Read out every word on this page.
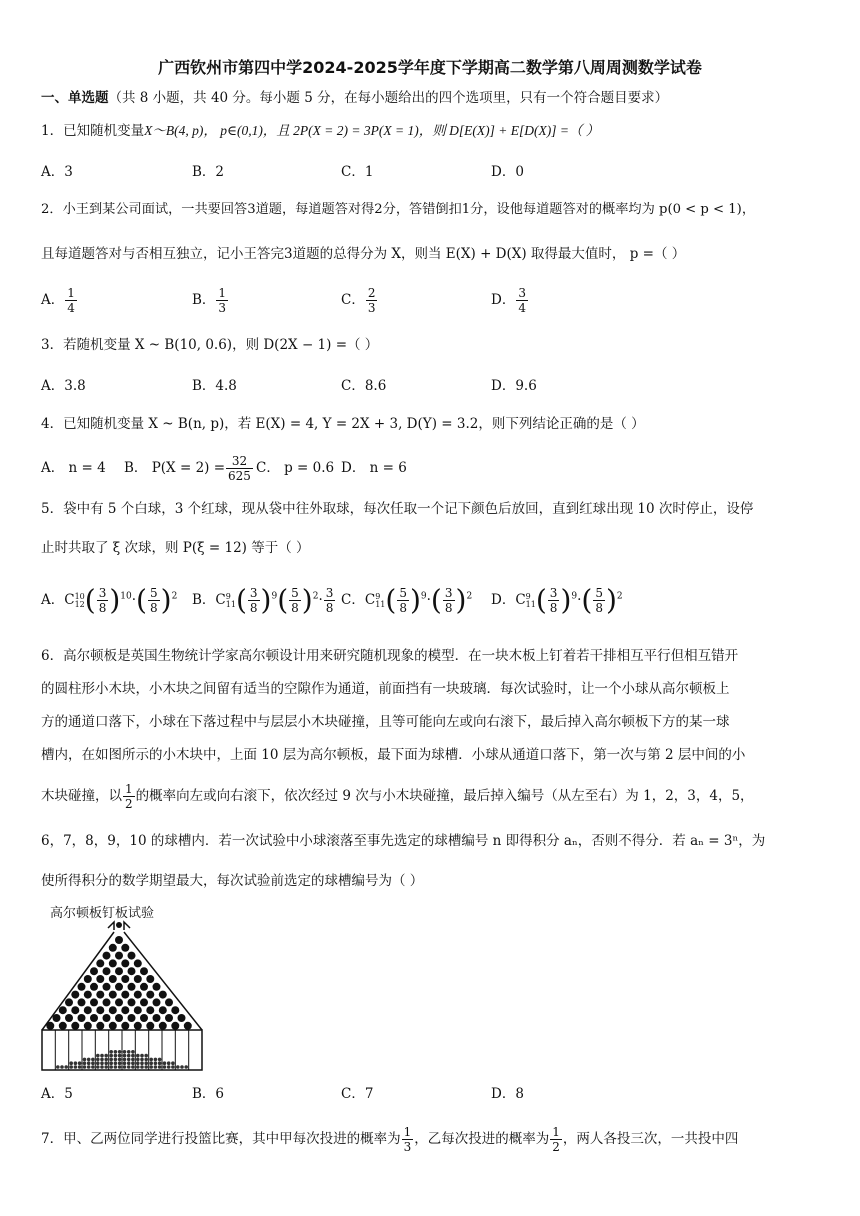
广西钦州市第四中学2024-2025学年度下学期高二数学第八周周测数学试卷
一、单选题（共 8 小题，共 40 分。每小题 5 分，在每小题给出的四个选项里，只有一个符合题目要求）
1．已知随机变量X～B(4, p)， p∈(0,1)，且 2P(X = 2) = 3P(X = 1)，则 D[E(X)] + E[D(X)] =（ ）
A．3	B．2	C．1	D．0
2．小王到某公司面试，一共要回答3道题，每道题答对得2分，答错倒扣1分，设他每道题答对的概率均为 p(0 < p < 1)，
且每道题答对与否相互独立，记小王答完3道题的总得分为 X，则当 E(X) + D(X) 取得最大值时， p =（ ）
A． $\frac{1}{4}$	B． $\frac{1}{3}$	C． $\frac{2}{3}$	D． $\frac{3}{4}$
3．若随机变量 X ~ B(10, 0.6)，则 D(2X − 1) =（ ）
A．3.8	B．4.8	C．8.6	D．9.6
4．已知随机变量 X ~ B(n, p)，若 E(X) = 4, Y = 2X + 3, D(Y) = 3.2，则下列结论正确的是（ ）
A． n = 4 B． $P(X = 2) = \frac{32}{625}$ C． p = 0.6 D． n = 6
5．袋中有 5 个白球，3 个红球，现从袋中往外取球，每次任取一个记下颜色后放回，直到红球出现 10 次时停止，设停
止时共取了 ξ 次球，则 P(ξ = 12) 等于（ ）
A．C 10
12 ( $\frac{3}{8} )^{10}\cdot( \frac{5}{8} )^2$ B．C 9
11 ( $\frac{3}{8} )^9( \frac{5}{8} )^2\cdot \frac{3}{8}$ C．C 9
11 ( $\frac{5}{8} )^9\cdot( \frac{3}{8} )^2$ D．C 9
11 ( $\frac{3}{8} )^9\cdot( \frac{5}{8} )^2$
6．高尔顿板是英国生物统计学家高尔顿设计用来研究随机现象的模型．在一块木板上钉着若干排相互平行但相互错开
的圆柱形小木块，小木块之间留有适当的空隙作为通道，前面挡有一块玻璃．每次试验时，让一个小球从高尔顿板上
方的通道口落下，小球在下落过程中与层层小木块碰撞，且等可能向左或向右滚下，最后掉入高尔顿板下方的某一球
槽内，在如图所示的小木块中，上面 10 层为高尔顿板，最下面为球槽．小球从通道口落下，第一次与第 2 层中间的小
木块碰撞，以 $\frac{1}{2}$ 的概率向左或向右滚下，依次经过 9 次与小木块碰撞，最后掉入编号（从左至右）为 1，2，3，4，5，
6，7，8，9，10 的球槽内．若一次试验中小球滚落至事先选定的球槽编号 n 即得积分 aₙ，否则不得分．若 aₙ = 3ⁿ，为
使所得积分的数学期望最大，每次试验前选定的球槽编号为（ ）
高尔顿板钉板试验
A．5	B．6	C．7	D．8
7．甲、乙两位同学进行投篮比赛，其中甲每次投进的概率为 $\frac{1}{3}$ ，乙每次投进的概率为 $\frac{1}{2}$ ，两人各投三次，一共投中四
